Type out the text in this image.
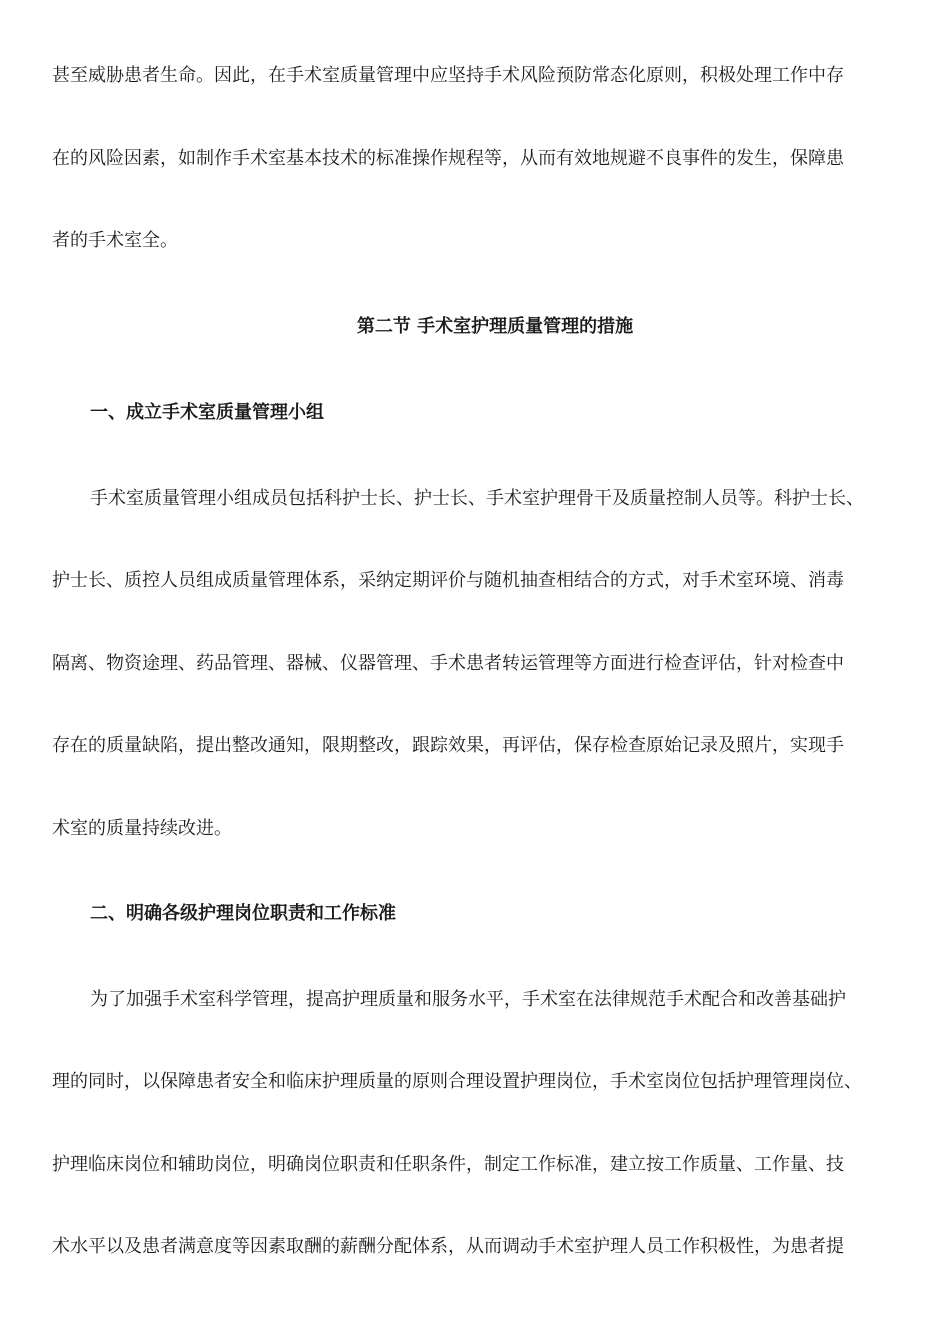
甚至威胁患者生命。因此，在手术室质量管理中应坚持手术风险预防常态化原则，积极处理工作中存
在的风险因素，如制作手术室基本技术的标准操作规程等，从而有效地规避不良事件的发生，保障患
者的手术室全。
第二节 手术室护理质量管理的措施
一、成立手术室质量管理小组
手术室质量管理小组成员包括科护士长、护士长、手术室护理骨干及质量控制人员等。科护士长、
护士长、质控人员组成质量管理体系，采纳定期评价与随机抽查相结合的方式，对手术室环境、消毒
隔离、物资途理、药品管理、器械、仪器管理、手术患者转运管理等方面进行检查评估，针对检查中
存在的质量缺陷，提出整改通知，限期整改，跟踪效果，再评估，保存检查原始记录及照片，实现手
术室的质量持续改进。
二、明确各级护理岗位职责和工作标准
为了加强手术室科学管理，提高护理质量和服务水平，手术室在法律规范手术配合和改善基础护
理的同时，以保障患者安全和临床护理质量的原则合理设置护理岗位，手术室岗位包括护理管理岗位、
护理临床岗位和辅助岗位，明确岗位职责和任职条件，制定工作标准，建立按工作质量、工作量、技
术水平以及患者满意度等因素取酬的薪酬分配体系，从而调动手术室护理人员工作积极性，为患者提
